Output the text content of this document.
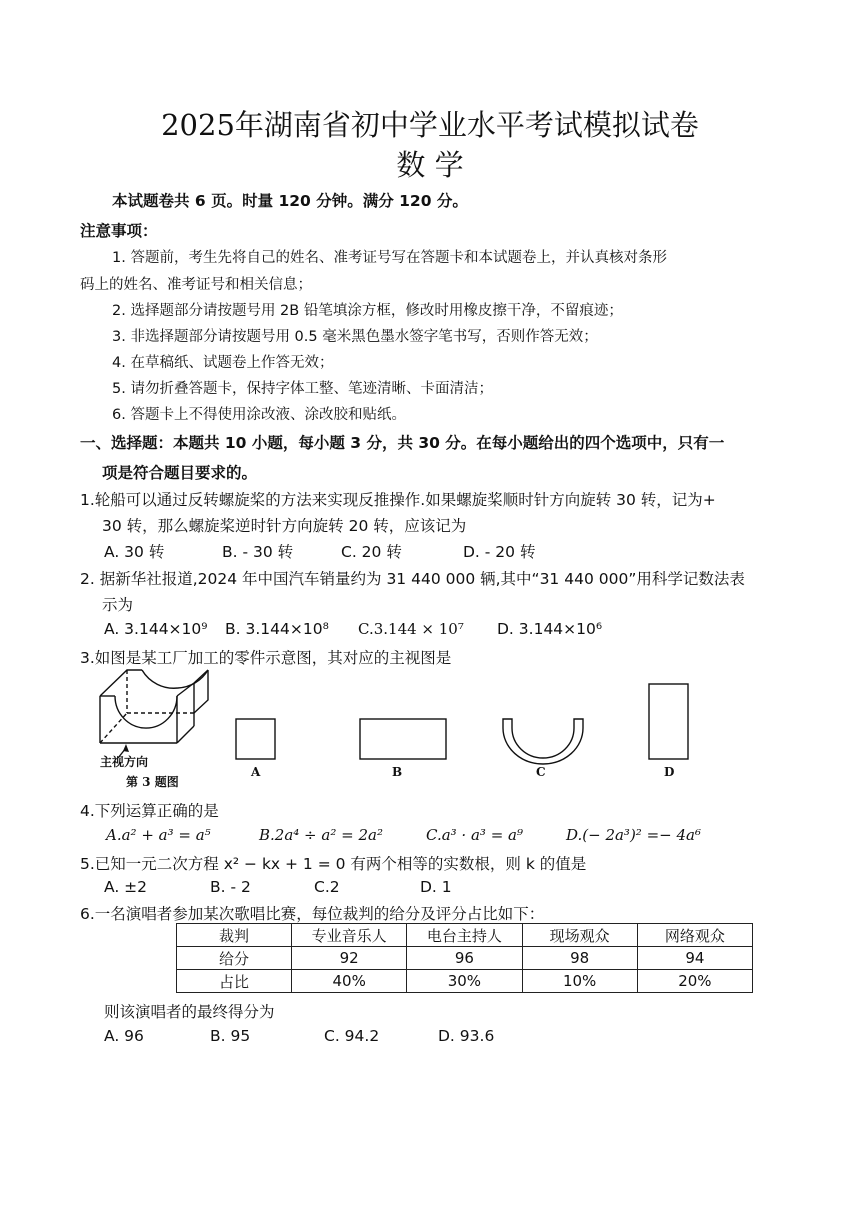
2025年湖南省初中学业水平考试模拟试卷
数 学
本试题卷共 6 页。时量 120 分钟。满分 120 分。
注意事项：
1. 答题前，考生先将自己的姓名、准考证号写在答题卡和本试题卷上，并认真核对条形
码上的姓名、准考证号和相关信息；
2. 选择题部分请按题号用 2B 铅笔填涂方框，修改时用橡皮擦干净，不留痕迹；
3. 非选择题部分请按题号用 0.5 毫米黑色墨水签字笔书写，否则作答无效；
4. 在草稿纸、试题卷上作答无效；
5. 请勿折叠答题卡，保持字体工整、笔迹清晰、卡面清洁；
6. 答题卡上不得使用涂改液、涂改胶和贴纸。
一、选择题：本题共 10 小题，每小题 3 分，共 30 分。在每小题给出的四个选项中，只有一
项是符合题目要求的。
1.轮船可以通过反转螺旋桨的方法来实现反推操作.如果螺旋桨顺时针方向旋转 30 转，记为+
30 转，那么螺旋桨逆时针方向旋转 20 转，应该记为
A. 30 转	B. - 30 转	C. 20 转	D. - 20 转
2. 据新华社报道,2024 年中国汽车销量约为 31 440 000 辆,其中“31 440 000”用科学记数法表
示为
A. 3.144×10⁹ B. 3.144×10⁸ C.3.144 × 10⁷ D. 3.144×10⁶
3.如图是某工厂加工的零件示意图，其对应的主视图是
主视方向
第 3 题图
A	B	C	D
4.下列运算正确的是
A.a² + a³ = a⁵	B.2a⁴ ÷ a² = 2a²	C.a³ · a³ = a⁹	D.(− 2a³)² =− 4a⁶
5.已知一元二次方程 x² − kx + 1 = 0 有两个相等的实数根，则 k 的值是
A. ±2	B. - 2	C.2	D. 1
6.一名演唱者参加某次歌唱比赛，每位裁判的给分及评分占比如下：
裁判	专业音乐人	电台主持人	现场观众	网络观众
给分	92	96	98	94
占比	40%	30%	10%	20%
则该演唱者的最终得分为
A. 96	B. 95	C. 94.2	D. 93.6
